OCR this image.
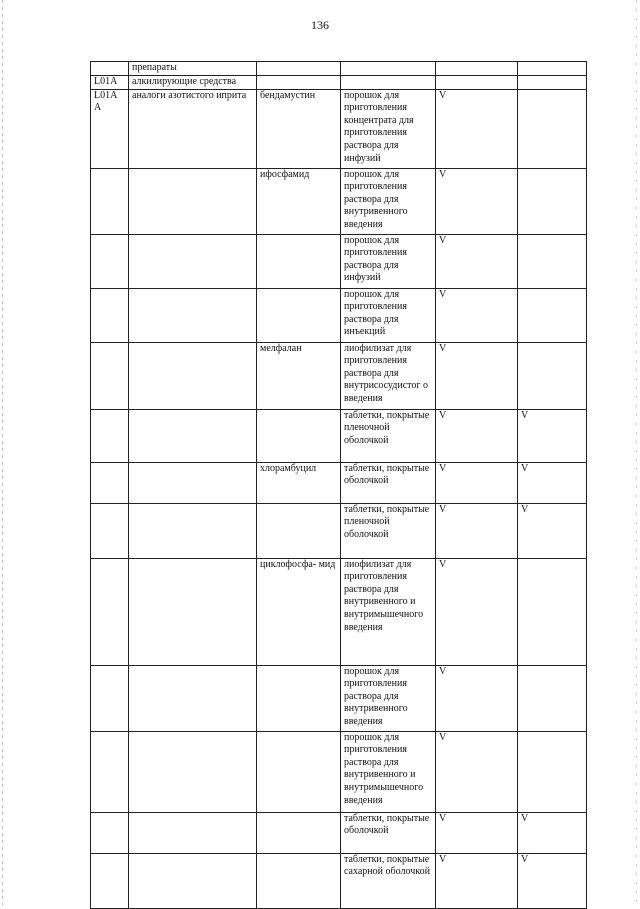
136
	препараты				
L01A	алкилирующие средства				
L01A A	аналоги азотистого иприта	бендамустин	порошок для приготовления концентрата для приготовления раствора для инфузий	V	
		ифосфамид	порошок для приготовления раствора для внутривенного введения	V	
			порошок для приготовления раствора для инфузий	V	
			порошок для приготовления раствора для инъекций	V	
		мелфалан	лиофилизат для приготовления раствора для внутрисосудистог о введения	V	
			таблетки, покрытые пленочной оболочкой	V	V
		хлорамбуцил	таблетки, покрытые оболочкой	V	V
			таблетки, покрытые пленочной оболочкой	V	V
		циклофосфа- мид	лиофилизат для приготовления раствора для внутривенного и внутримышечного введения	V	
			порошок для приготовления раствора для внутривенного введения	V	
			порошок для приготовления раствора для внутривенного и внутримышечного введения	V	
			таблетки, покрытые оболочкой	V	V
			таблетки, покрытые сахарной оболочкой	V	V
